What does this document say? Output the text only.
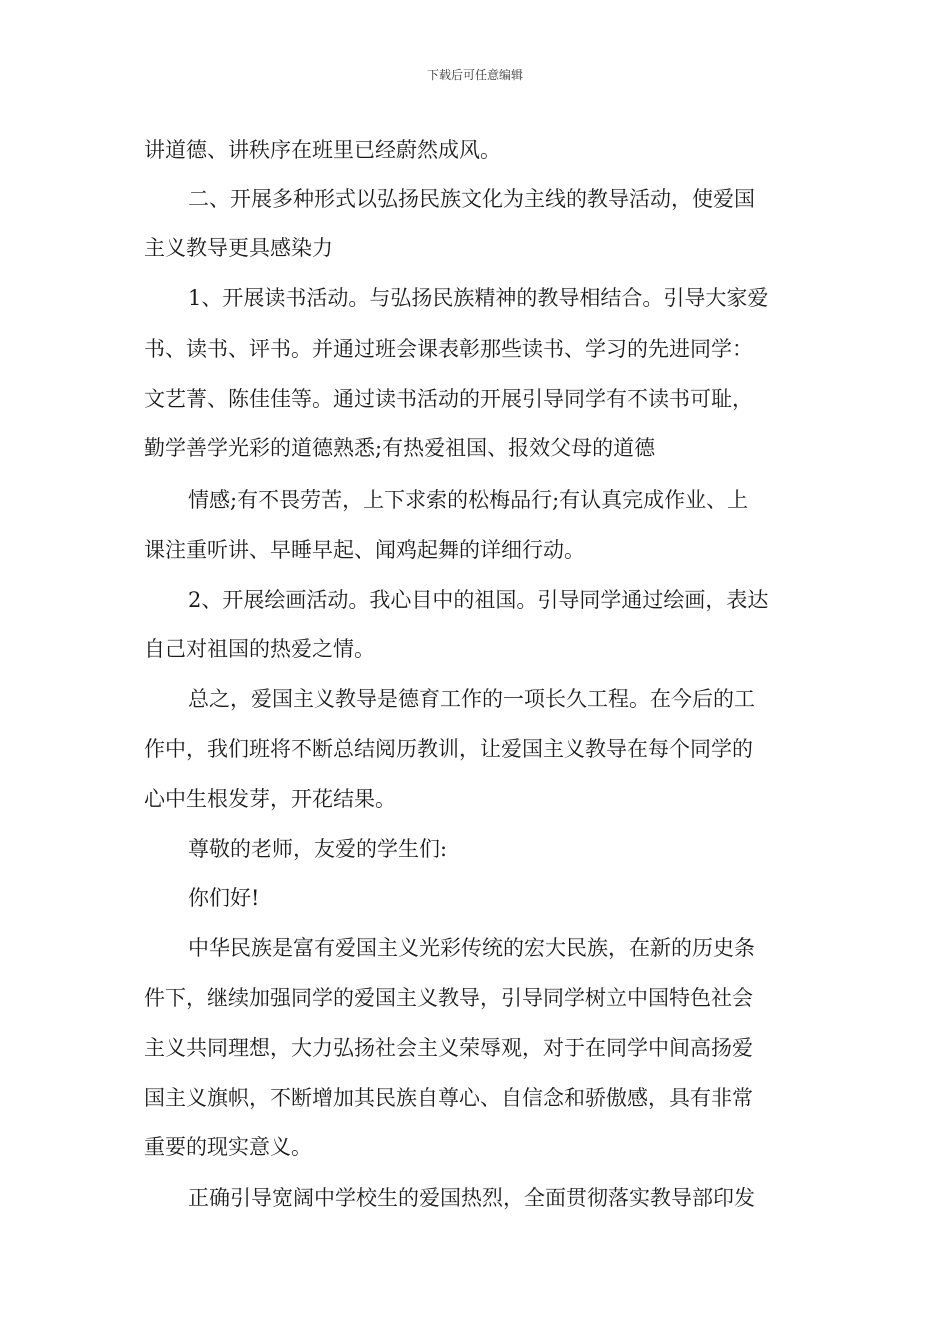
下载后可任意编辑
讲道德、讲秩序在班里已经蔚然成风。
二、开展多种形式以弘扬民族文化为主线的教导活动，使爱国
主义教导更具感染力
1、开展读书活动。与弘扬民族精神的教导相结合。引导大家爱
书、读书、评书。并通过班会课表彰那些读书、学习的先进同学：
文艺菁、陈佳佳等。通过读书活动的开展引导同学有不读书可耻，
勤学善学光彩的道德熟悉;有热爱祖国、报效父母的道德
情感;有不畏劳苦，上下求索的松梅品行;有认真完成作业、上
课注重听讲、早睡早起、闻鸡起舞的详细行动。
2、开展绘画活动。我心目中的祖国。引导同学通过绘画，表达
自己对祖国的热爱之情。
总之，爱国主义教导是德育工作的一项长久工程。在今后的工
作中，我们班将不断总结阅历教训，让爱国主义教导在每个同学的
心中生根发芽，开花结果。
尊敬的老师，友爱的学生们:
你们好!
中华民族是富有爱国主义光彩传统的宏大民族，在新的历史条
件下，继续加强同学的爱国主义教导，引导同学树立中国特色社会
主义共同理想，大力弘扬社会主义荣辱观，对于在同学中间高扬爱
国主义旗帜，不断增加其民族自尊心、自信念和骄傲感，具有非常
重要的现实意义。
正确引导宽阔中学校生的爱国热烈，全面贯彻落实教导部印发
